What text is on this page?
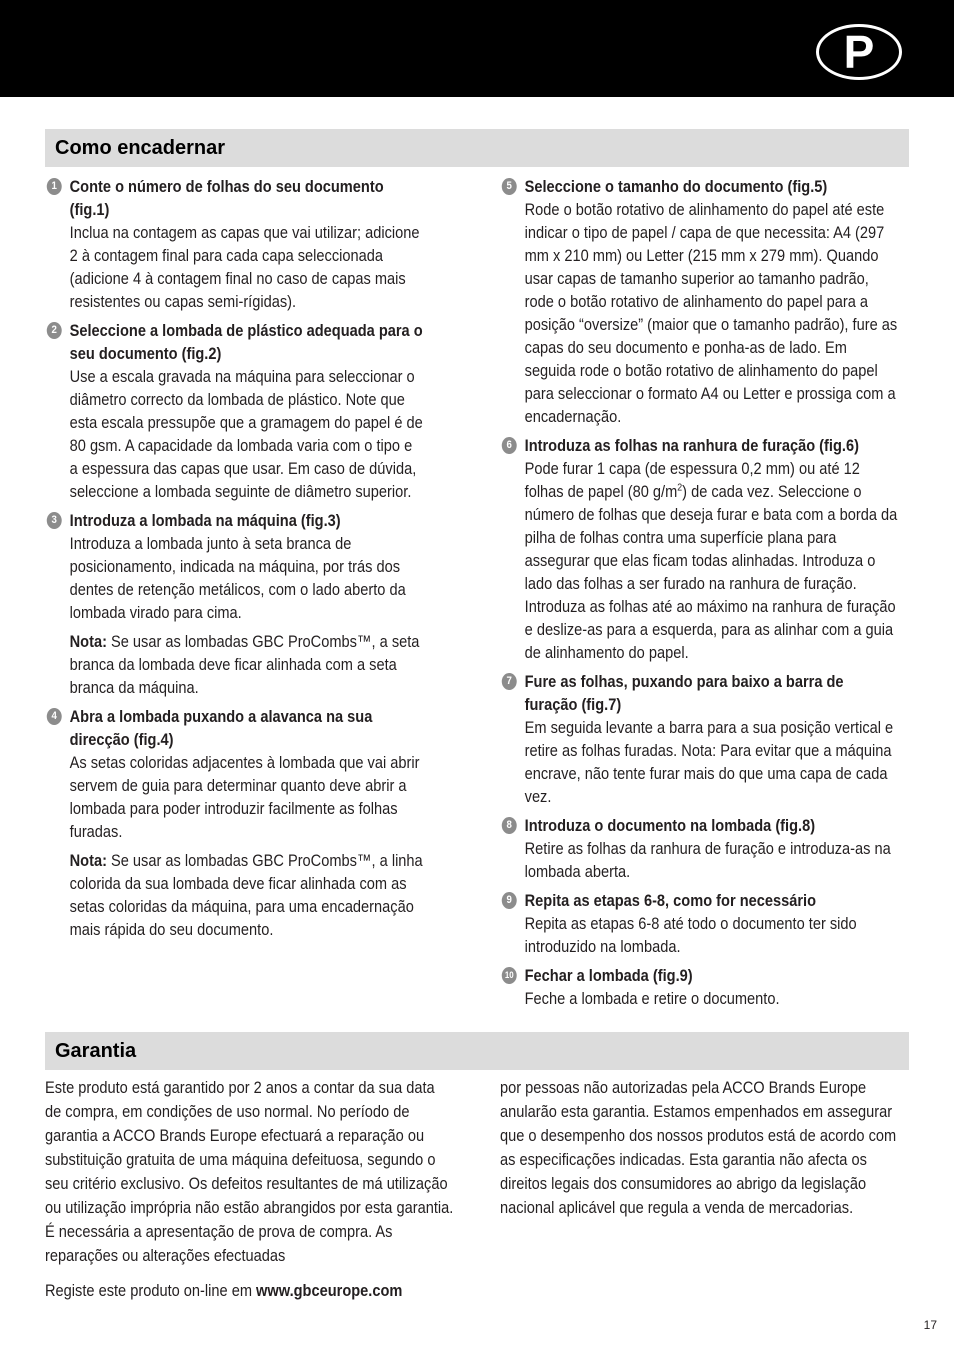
P
Como encadernar
1 Conte o número de folhas do seu documento (fig.1)

Inclua na contagem as capas que vai utilizar; adicione 2 à contagem final para cada capa seleccionada (adicione 4 à contagem final no caso de capas mais resistentes ou capas semi-rígidas).

2 Seleccione a lombada de plástico adequada para o seu documento (fig.2)

Use a escala gravada na máquina para seleccionar o diâmetro correcto da lombada de plástico. Note que esta escala pressupõe que a gramagem do papel é de 80 gsm. A capacidade da lombada varia com o tipo e a espessura das capas que usar. Em caso de dúvida, seleccione a lombada seguinte de diâmetro superior.

3 Introduza a lombada na máquina (fig.3)

Introduza a lombada junto à seta branca de posicionamento, indicada na máquina, por trás dos dentes de retenção metálicos, com o lado aberto da lombada virado para cima.

Nota: Se usar as lombadas GBC ProCombs™, a seta branca da lombada deve ficar alinhada com a seta branca da máquina.

4 Abra a lombada puxando a alavanca na sua direcção (fig.4)

As setas coloridas adjacentes à lombada que vai abrir servem de guia para determinar quanto deve abrir a lombada para poder introduzir facilmente as folhas furadas.

Nota: Se usar as lombadas GBC ProCombs™, a linha colorida da sua lombada deve ficar alinhada com as setas coloridas da máquina, para uma encadernação mais rápida do seu documento.

5 Seleccione o tamanho do documento (fig.5)

Rode o botão rotativo de alinhamento do papel até este indicar o tipo de papel / capa de que necessita: A4 (297 mm x 210 mm) ou Letter (215 mm x 279 mm). Quando usar capas de tamanho superior ao tamanho padrão, rode o botão rotativo de alinhamento do papel para a posição “oversize” (maior que o tamanho padrão), fure as capas do seu documento e ponha-as de lado. Em seguida rode o botão rotativo de alinhamento do papel para seleccionar o formato A4 ou Letter e prossiga com a encadernação.

6 Introduza as folhas na ranhura de furação (fig.6)

Pode furar 1 capa (de espessura 0,2 mm) ou até 12 folhas de papel (80 $g/m^2$) de cada vez. Seleccione o número de folhas que deseja furar e bata com a borda da pilha de folhas contra uma superfície plana para assegurar que elas ficam todas alinhadas. Introduza o lado das folhas a ser furado na ranhura de furação. Introduza as folhas até ao máximo na ranhura de furação e deslize-as para a esquerda, para as alinhar com a guia de alinhamento do papel.

7 Fure as folhas, puxando para baixo a barra de furação (fig.7)

Em seguida levante a barra para a sua posição vertical e retire as folhas furadas. Nota: Para evitar que a máquina encrave, não tente furar mais do que uma capa de cada vez.

8 Introduza o documento na lombada (fig.8)

Retire as folhas da ranhura de furação e introduza-as na lombada aberta.

9 Repita as etapas 6-8, como for necessário

Repita as etapas 6-8 até todo o documento ter sido introduzido na lombada.

10 Fechar a lombada (fig.9)

Feche a lombada e retire o documento.

Garantia

Este produto está garantido por 2 anos a contar da sua data de compra, em condições de uso normal. No período de garantia a ACCO Brands Europe efectuará a reparação ou substituição gratuita de uma máquina defeituosa, segundo o seu critério exclusivo. Os defeitos resultantes de má utilização ou utilização imprópria não estão abrangidos por esta garantia. É necessária a apresentação de prova de compra. As reparações ou alterações efectuadas

por pessoas não autorizadas pela ACCO Brands Europe anularão esta garantia. Estamos empenhados em assegurar que o desempenho dos nossos produtos está de acordo com as especificações indicadas. Esta garantia não afecta os direitos legais dos consumidores ao abrigo da legislação nacional aplicável que regula a venda de mercadorias.

Registe este produto on-line em www.gbceurope.com

17
